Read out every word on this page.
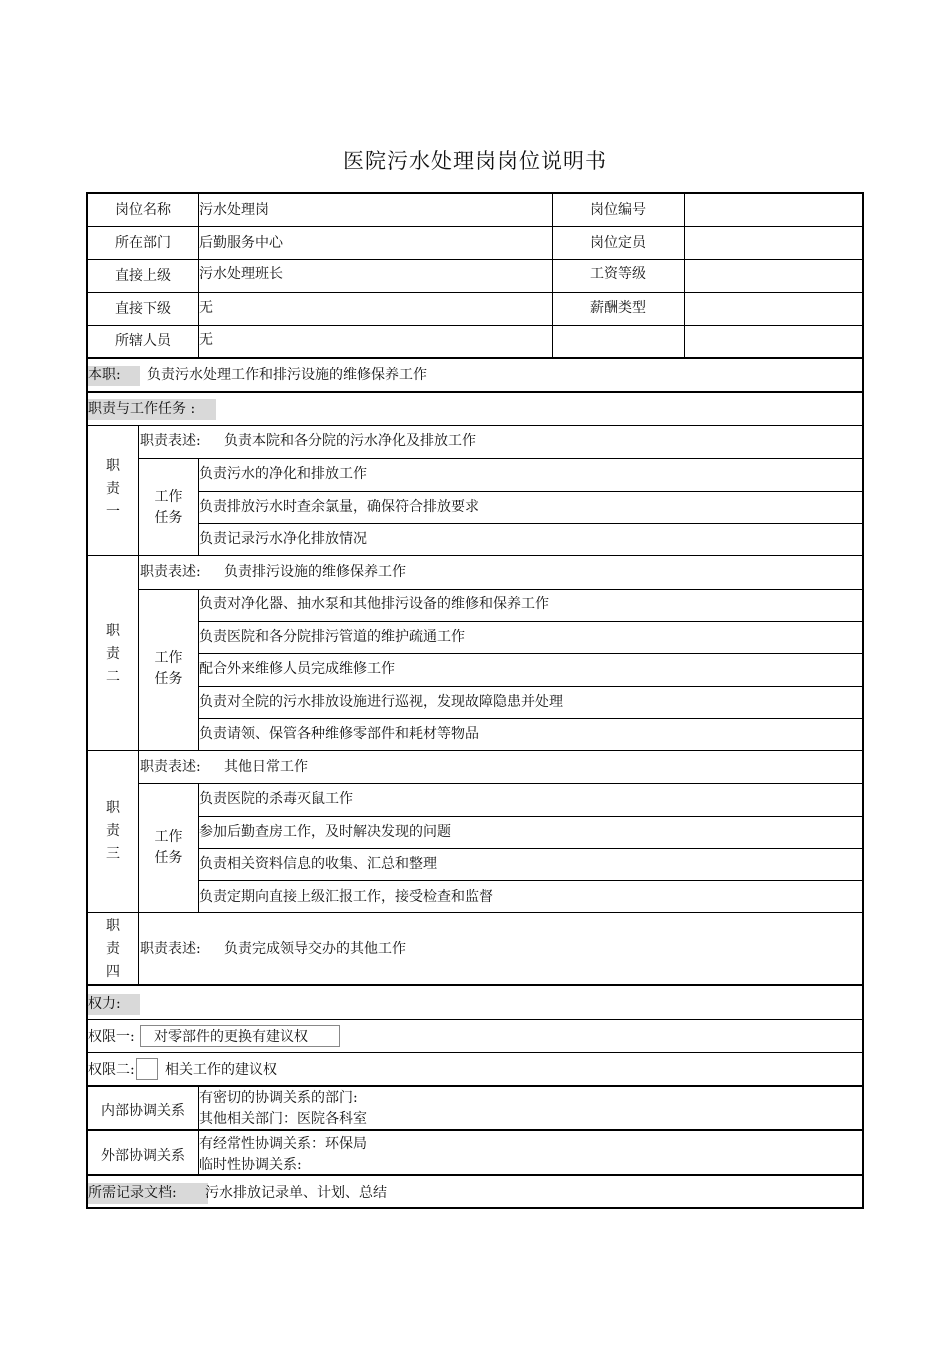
医院污水处理岗岗位说明书
岗位名称	污水处理岗	岗位编号
所在部门	后勤服务中心	岗位定员
直接上级	污水处理班长	工资等级
直接下级	无	薪酬类型
所辖人员	无
本职: 负责污水处理工作和排污设施的维修保养工作
职责与工作任务 :
职
责
一
职责表述: 负责本院和各分院的污水净化及排放工作
工作
任务
负责污水的净化和排放工作
负责排放污水时查余氯量，确保符合排放要求
负责记录污水净化排放情况
职
责
二
职责表述: 负责排污设施的维修保养工作
工作
任务
负责对净化器、抽水泵和其他排污设备的维修和保养工作
负责医院和各分院排污管道的维护疏通工作
配合外来维修人员完成维修工作
负责对全院的污水排放设施进行巡视，发现故障隐患并处理
负责请领、保管各种维修零部件和耗材等物品
职
责
三
职责表述: 其他日常工作
工作
任务
负责医院的杀毒灭鼠工作
参加后勤查房工作，及时解决发现的问题
负责相关资料信息的收集、汇总和整理
负责定期向直接上级汇报工作，接受检查和监督
职
责
四
职责表述: 负责完成领导交办的其他工作
权力:
权限一: 对零部件的更换有建议权
权限二: 相关工作的建议权
内部协调关系
有密切的协调关系的部门:
其他相关部门：医院各科室
外部协调关系
有经常性协调关系：环保局
临时性协调关系:
所需记录文档: 污水排放记录单、计划、总结
